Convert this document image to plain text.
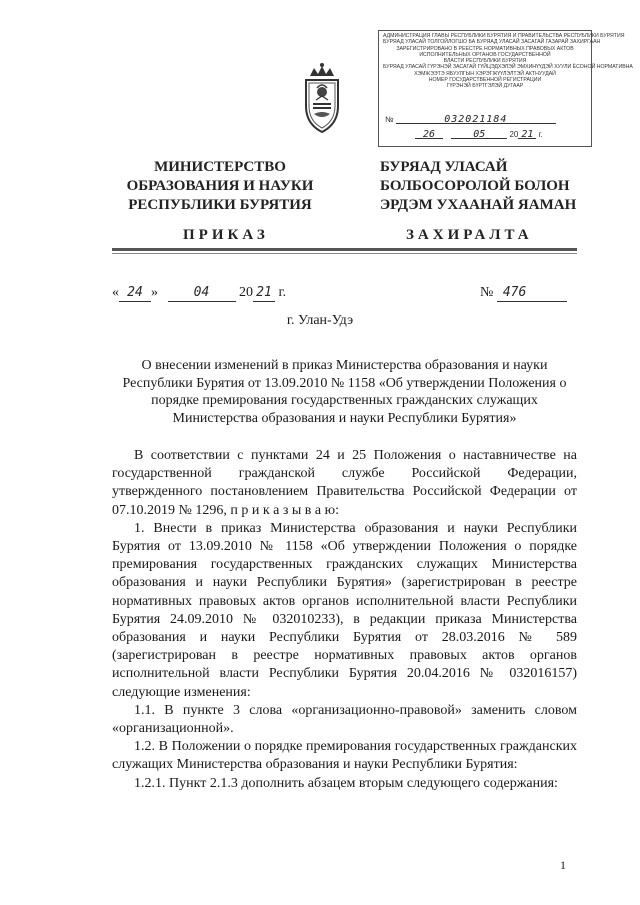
АДМИНИСТРАЦИЯ ГЛАВЫ РЕСПУБЛИКИ БУРЯТИЯ И ПРАВИТЕЛЬСТВА РЕСПУБЛИКИ БУРЯТИЯ
БУРЯАД УЛАСАЙ ТОЛГОЙЛОГШО БА БУРЯАД УЛАСАЙ ЗАСАГАЙ ГАЗАРАЙ ЗАХИРГААН
ЗАРЕГИСТРИРОВАНО В РЕЕСТРЕ НОРМАТИВНЫХ ПРАВОВЫХ АКТОВ
ИСПОЛНИТЕЛЬНЫХ ОРГАНОВ ГОСУДАРСТВЕННОЙ
ВЛАСТИ РЕСПУБЛИКИ БУРЯТИЯ
БУРЯАД УЛАСАЙ ГҮРЭНЭЙ ЗАСАГАЙ ГҮЙЦЭДХЭЛЭЙ ЭМХИНҮҮДЭЙ ХУУЛИ ЁСОНОЙ НОРМАТИВНА
ХЭМЖЭЭТЭ ЯБУУЛГЫН ХЭРЭГЖҮҮЛЭЛТЭЙ АКТНУУДАЙ
НОМЕР ГОСУДАРСТВЕННОЙ РЕГИСТРАЦИИ
ГҮРЭНЭЙ БҮРТГЭЛЭЙ ДУГААР
№	032021184
26	05	20 21 г.
МИНИСТЕРСТВО
ОБРАЗОВАНИЯ И НАУКИ
РЕСПУБЛИКИ БУРЯТИЯ
БУРЯАД УЛАСАЙ
БОЛБОСОРОЛОЙ БОЛОН
ЭРДЭМ УХААНАЙ ЯАМАН
ПРИКАЗ	ЗАХИРАЛТА
« 24 »	04 20 21 г.	№ 476
г. Улан-Удэ
О внесении изменений в приказ Министерства образования и науки Республики Бурятия от 13.09.2010 № 1158 «Об утверждении Положения о порядке премирования государственных гражданских служащих Министерства образования и науки Республики Бурятия»

В соответствии с пунктами 24 и 25 Положения о наставничестве на государственной гражданской службе Российской Федерации, утвержденного постановлением Правительства Российской Федерации от 07.10.2019 № 1296, п р и к а з ы в а ю:

1. Внести в приказ Министерства образования и науки Республики Бурятия от 13.09.2010 № 1158 «Об утверждении Положения о порядке премирования государственных гражданских служащих Министерства образования и науки Республики Бурятия» (зарегистрирован в реестре нормативных правовых актов органов исполнительной власти Республики Бурятия 24.09.2010 № 032010233), в редакции приказа Министерства образования и науки Республики Бурятия от 28.03.2016 № 589 (зарегистрирован в реестре нормативных правовых актов органов исполнительной власти Республики Бурятия 20.04.2016 № 032016157) следующие изменения:

1.1. В пункте 3 слова «организационно-правовой» заменить словом «организационной».

1.2. В Положении о порядке премирования государственных гражданских служащих Министерства образования и науки Республики Бурятия:

1.2.1. Пункт 2.1.3 дополнить абзацем вторым следующего содержания:

1
